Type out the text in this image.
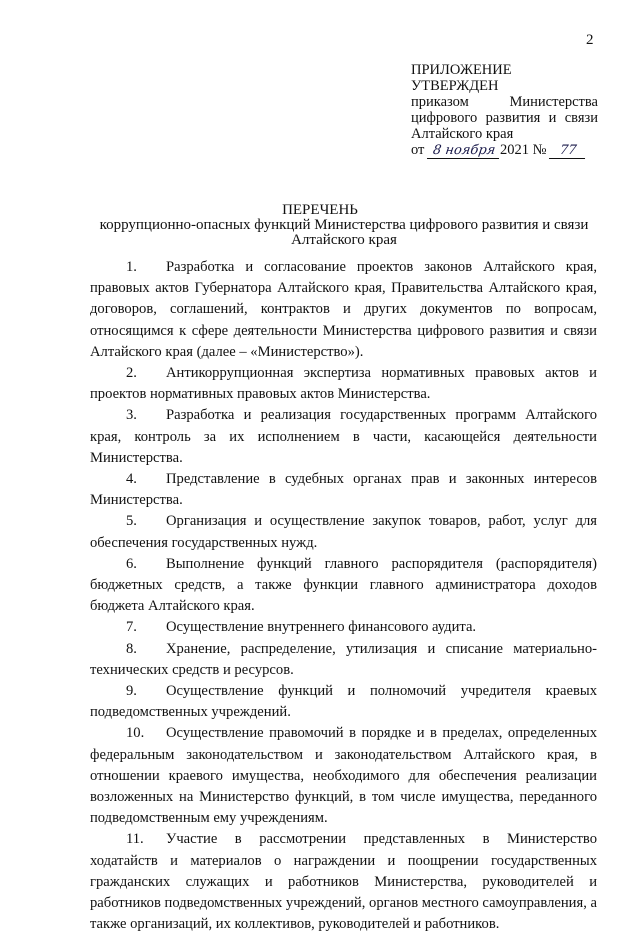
2
ПРИЛОЖЕНИЕ
УТВЕРЖДЕН
приказом Министерства
цифрового развития и связи
Алтайского края
от 8 ноября 2021 № 77
ПЕРЕЧЕНЬ
коррупционно-опасных функций Министерства цифрового развития и связи Алтайского края

1. Разработка и согласование проектов законов Алтайского края, правовых актов Губернатора Алтайского края, Правительства Алтайского края, договоров, соглашений, контрактов и других документов по вопросам, относящимся к сфере деятельности Министерства цифрового развития и связи Алтайского края (далее – «Министерство»).

2. Антикоррупционная экспертиза нормативных правовых актов и проектов нормативных правовых актов Министерства.

3. Разработка и реализация государственных программ Алтайского края, контроль за их исполнением в части, касающейся деятельности Министерства.

4. Представление в судебных органах прав и законных интересов Министерства.

5. Организация и осуществление закупок товаров, работ, услуг для обеспечения государственных нужд.

6. Выполнение функций главного распорядителя (распорядителя) бюджетных средств, а также функции главного администратора доходов бюджета Алтайского края.

7. Осуществление внутреннего финансового аудита.

8. Хранение, распределение, утилизация и списание материально-технических средств и ресурсов.

9. Осуществление функций и полномочий учредителя краевых подведомственных учреждений.

10. Осуществление правомочий в порядке и в пределах, определенных федеральным законодательством и законодательством Алтайского края, в отношении краевого имущества, необходимого для обеспечения реализации возложенных на Министерство функций, в том числе имущества, переданного подведомственным ему учреждениям.

11. Участие в рассмотрении представленных в Министерство ходатайств и материалов о награждении и поощрении государственных гражданских служащих и работников Министерства, руководителей и работников подведомственных учреждений, органов местного самоуправления, а также организаций, их коллективов, руководителей и работников.
